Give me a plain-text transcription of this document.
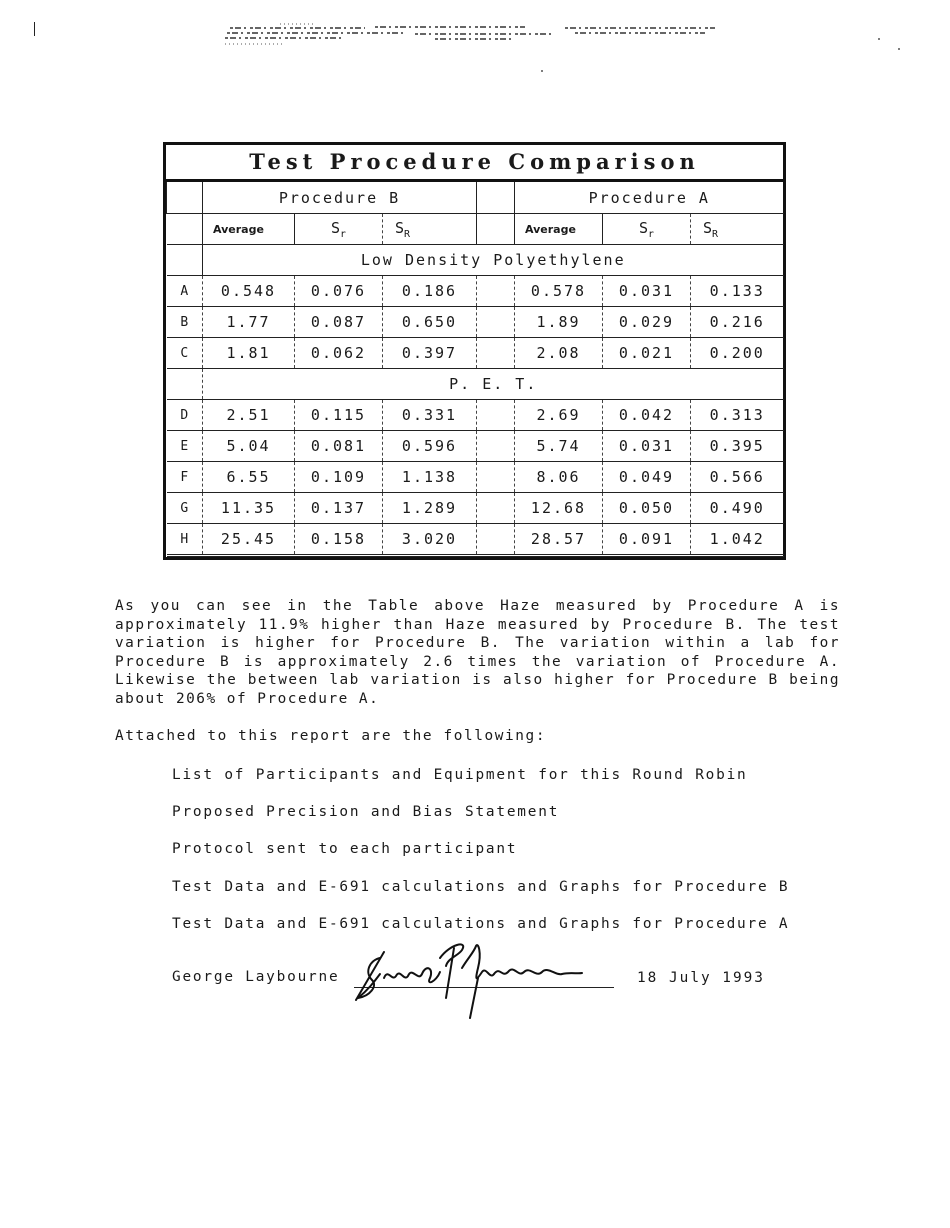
Test Procedure Comparison
	Procedure B				Procedure A		
	Average	$S_r$	$S_R$		Average	$S_r$	$S_R$
	Low Density Polyethylene						
A	0.548	0.076	0.186		0.578	0.031	0.133
B	1.77	0.087	0.650		1.89	0.029	0.216
C	1.81	0.062	0.397		2.08	0.021	0.200
	P. E. T.						
D	2.51	0.115	0.331		2.69	0.042	0.313
E	5.04	0.081	0.596		5.74	0.031	0.395
F	6.55	0.109	1.138		8.06	0.049	0.566
G	11.35	0.137	1.289		12.68	0.050	0.490
H	25.45	0.158	3.020		28.57	0.091	1.042
As you can see in the Table above Haze measured by Procedure A is approximately 11.9% higher than Haze measured by Procedure B. The test variation is higher for Procedure B. The variation within a lab for Procedure B is approximately 2.6 times the variation of Procedure A. Likewise the between lab variation is also higher for Procedure B being about 206% of Procedure A.
Attached to this report are the following:
List of Participants and Equipment for this Round Robin
Proposed Precision and Bias Statement
Protocol sent to each participant
Test Data and E-691 calculations and Graphs for Procedure B
Test Data and E-691 calculations and Graphs for Procedure A
George Laybourne	18 July 1993
